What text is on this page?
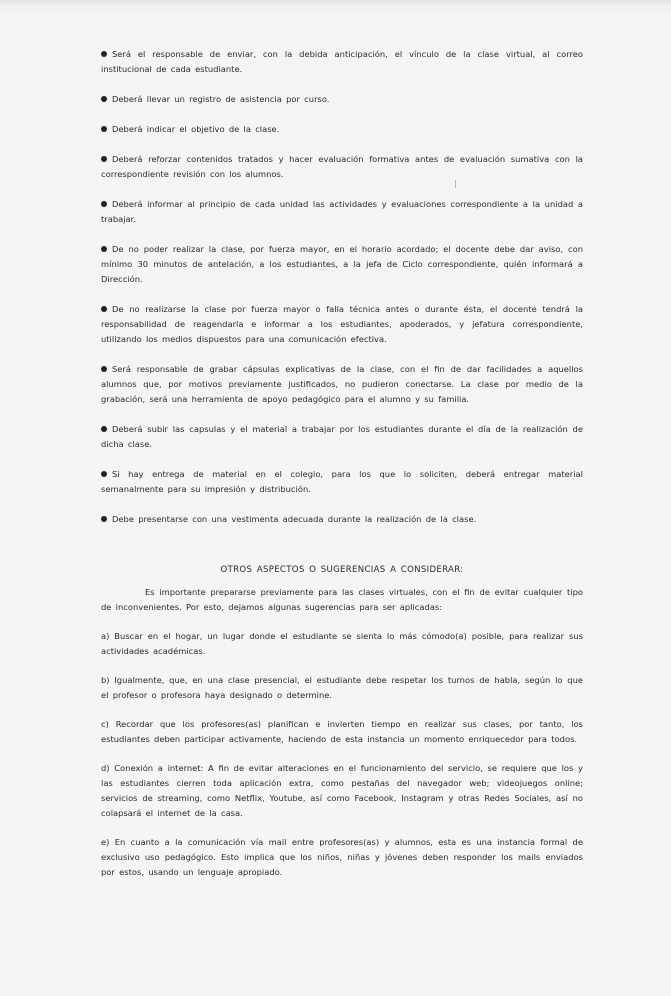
Será el responsable de enviar, con la debida anticipación, el vínculo de la clase virtual, al correo institucional de cada estudiante.

Deberá llevar un registro de asistencia por curso.

Deberá indicar el objetivo de la clase.

Deberá reforzar contenidos tratados y hacer evaluación formativa antes de evaluación sumativa con la correspondiente revisión con los alumnos.

Deberá informar al principio de cada unidad las actividades y evaluaciones correspondiente a la unidad a trabajar.

De no poder realizar la clase, por fuerza mayor, en el horario acordado; el docente debe dar aviso, con mínimo 30 minutos de antelación, a los estudiantes, a la jefa de Ciclo correspondiente, quién informará a Dirección.

De no realizarse la clase por fuerza mayor o falla técnica antes o durante ésta, el docente tendrá la responsabilidad de reagendarla e informar a los estudiantes, apoderados, y jefatura correspondiente, utilizando los medios dispuestos para una comunicación efectiva.

Será responsable de grabar cápsulas explicativas de la clase, con el fin de dar facilidades a aquellos alumnos que, por motivos previamente justificados, no pudieron conectarse. La clase por medio de la grabación, será una herramienta de apoyo pedagógico para el alumno y su familia.

Deberá subir las capsulas y el material a trabajar por los estudiantes durante el día de la realización de dicha clase.

Si hay entrega de material en el colegio, para los que lo soliciten, deberá entregar material semanalmente para su impresión y distribución.

Debe presentarse con una vestimenta adecuada durante la realización de la clase.

OTROS ASPECTOS O SUGERENCIAS A CONSIDERAR:

Es importante prepararse previamente para las clases virtuales, con el fin de evitar cualquier tipo de inconvenientes. Por esto, dejamos algunas sugerencias para ser aplicadas:

a) Buscar en el hogar, un lugar donde el estudiante se sienta lo más cómodo(a) posible, para realizar sus actividades académicas.

b) Igualmente, que, en una clase presencial, el estudiante debe respetar los turnos de habla, según lo que el profesor o profesora haya designado o determine.

c) Recordar que los profesores(as) planifican e invierten tiempo en realizar sus clases, por tanto, los estudiantes deben participar activamente, haciendo de esta instancia un momento enriquecedor para todos.

d) Conexión a internet: A fin de evitar alteraciones en el funcionamiento del servicio, se requiere que los y las estudiantes cierren toda aplicación extra, como pestañas del navegador web; videojuegos online; servicios de streaming, como Netflix, Youtube, así como Facebook, Instagram y otras Redes Sociales, así no colapsará el internet de la casa.

e) En cuanto a la comunicación vía mail entre profesores(as) y alumnos, esta es una instancia formal de exclusivo uso pedagógico. Esto implica que los niños, niñas y jóvenes deben responder los mails enviados por estos, usando un lenguaje apropiado.
